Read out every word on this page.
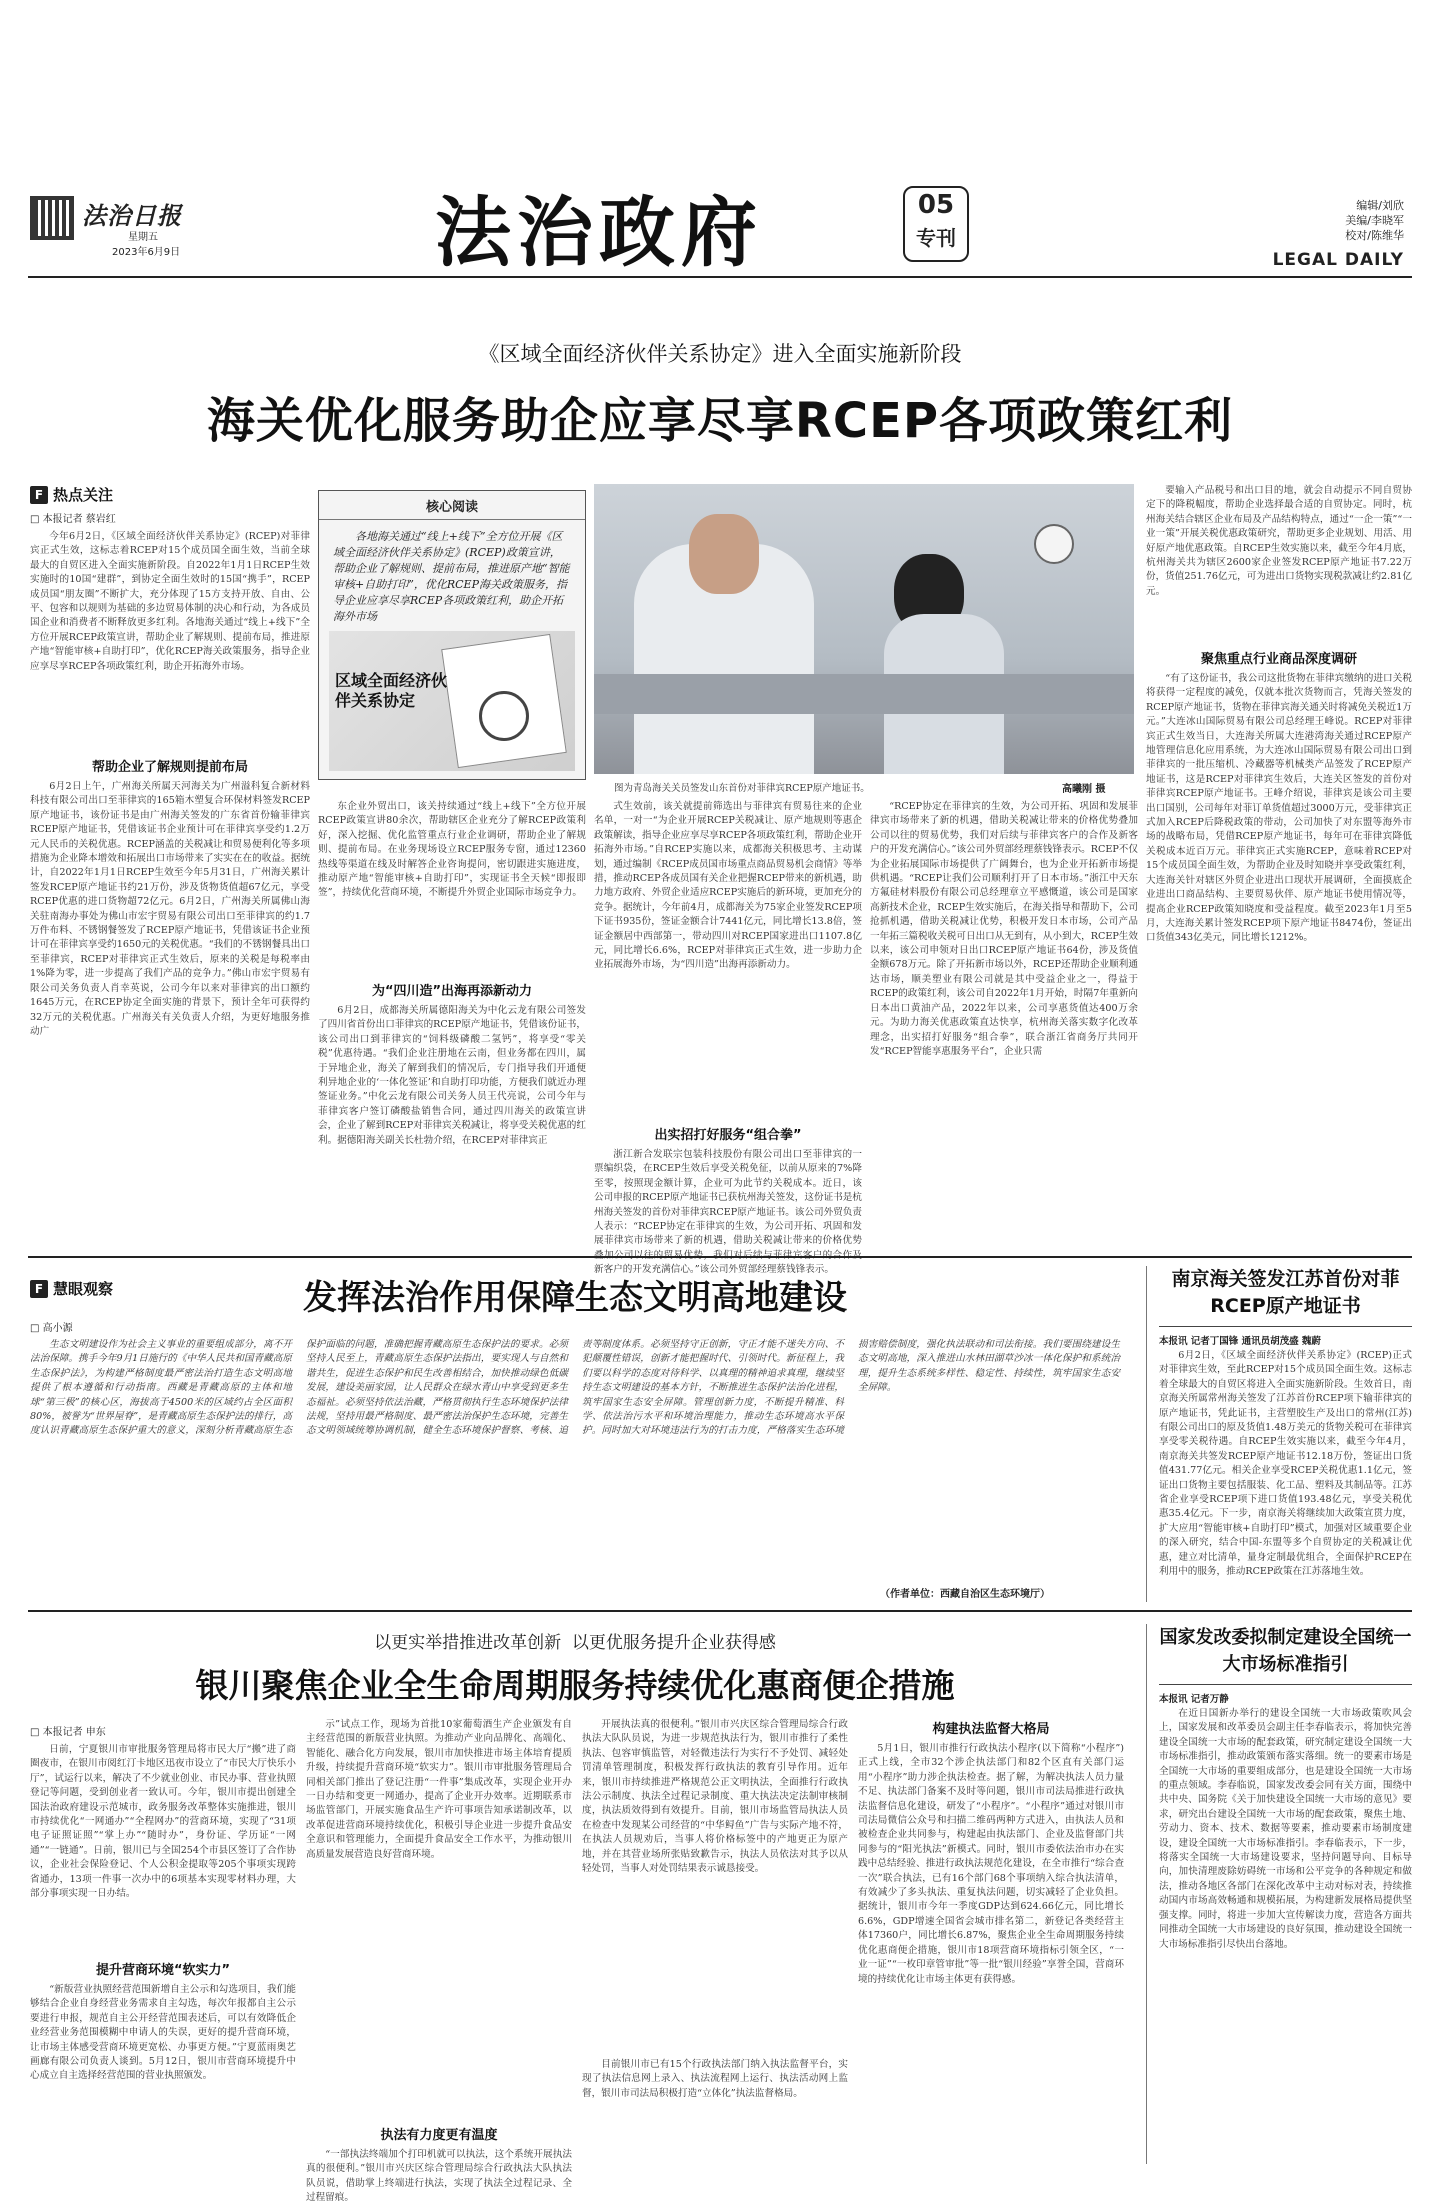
法治日报
星期五
2023年6月9日	法治政府	05
专刊
编辑/刘欣
美编/李晓军
校对/陈维华
LEGAL DAILY
《区域全面经济伙伴关系协定》进入全面实施新阶段
海关优化服务助企应享尽享RCEP各项政策红利
F 热点关注
□ 本报记者 蔡岩红

今年6月2日，《区域全面经济伙伴关系协定》(RCEP)对菲律宾正式生效，这标志着RCEP对15个成员国全面生效，当前全球最大的自贸区进入全面实施新阶段。自2022年1月1日RCEP生效实施时的10国“建群”，到协定全面生效时的15国“携手”，RCEP成员国“朋友圈”不断扩大，充分体现了15方支持开放、自由、公平、包容和以规则为基础的多边贸易体制的决心和行动，为各成员国企业和消费者不断释放更多红利。各地海关通过“线上+线下”全方位开展RCEP政策宣讲，帮助企业了解规则、提前布局，推进原产地“智能审核+自助打印”，优化RCEP海关政策服务，指导企业应享尽享RCEP各项政策红利，助企开拓海外市场。

帮助企业了解规则提前布局

6月2日上午，广州海关所属天河海关为广州溢科复合新材料科技有限公司出口至菲律宾的165箱木塑复合环保材料签发RCEP原产地证书，该份证书是由广州海关签发的广东省首份输菲律宾RCEP原产地证书，凭借该证书企业预计可在菲律宾享受约1.2万元人民币的关税优惠。RCEP涵盖的关税减让和贸易便利化等多项措施为企业降本增效和拓展出口市场带来了实实在在的收益。据统计，自2022年1月1日RCEP生效至今年5月31日，广州海关累计签发RCEP原产地证书约21万份，涉及货物货值超67亿元，享受RCEP优惠的进口货物超72亿元。6月2日，广州海关所属佛山海关驻南海办事处为佛山市宏宇贸易有限公司出口至菲律宾的约1.7万件布料、不锈钢餐签发了RCEP原产地证书，凭借该证书企业预计可在菲律宾享受约1650元的关税优惠。“我们的不锈钢餐具出口至菲律宾，RCEP对菲律宾正式生效后，原来的关税是每税率由1%降为零，进一步提高了我们产品的竞争力。”佛山市宏宇贸易有限公司关务负责人肖幸英说，公司今年以来对菲律宾的出口额约1645万元，在RCEP协定全面实施的背景下，预计全年可获得约32万元的关税优惠。广州海关有关负责人介绍，为更好地服务推动广

核心阅读
各地海关通过“线上+线下”全方位开展《区域全面经济伙伴关系协定》(RCEP)政策宣讲，帮助企业了解规则、提前布局，推进原产地“智能审核+自助打印”，优化RCEP海关政策服务，指导企业应享尽享RCEP各项政策红利，助企开拓海外市场
区域全面经济伙伴关系协定
图为青岛海关关员签发山东首份对菲律宾RCEP原产地证书。	高曦刚 摄

东企业外贸出口，该关持续通过“线上+线下”全方位开展RCEP政策宣讲80余次，帮助辖区企业充分了解RCEP政策利好，深入挖掘、优化监管重点行业企业调研，帮助企业了解规则、提前布局。在业务现场设立RCEP服务专窗，通过12360热线等渠道在线及时解答企业咨询提问，密切跟进实施进度，推动原产地“智能审核+自助打印”，实现证书全天候“即报即签”，持续优化营商环境，不断提升外贸企业国际市场竞争力。

为“四川造”出海再添新动力

6月2日，成都海关所属德阳海关为中化云龙有限公司签发了四川省首份出口菲律宾的RCEP原产地证书，凭借该份证书，该公司出口到菲律宾的“饲料级磷酸二氢钙”，将享受“零关税”优惠待遇。“我们企业注册地在云南，但业务都在四川，属于异地企业，海关了解到我们的情况后，专门指导我们开通便利异地企业的‘一体化签证’和自助打印功能，方便我们就近办理签证业务。”中化云龙有限公司关务人员王代亮说，公司今年与菲律宾客户签订磷酸盐销售合同，通过四川海关的政策宣讲会，企业了解到RCEP对菲律宾关税减让，将享受关税优惠的红利。据德阳海关副关长杜勃介绍，在RCEP对菲律宾正

式生效前，该关就提前筛选出与菲律宾有贸易往来的企业名单，一对一“为企业开展RCEP关税减让、原产地规则等惠企政策解读，指导企业应享尽享RCEP各项政策红利，帮助企业开拓海外市场。”自RCEP实施以来，成都海关积极思考、主动谋划，通过编制《RCEP成员国市场重点商品贸易机会商情》等举措，推动RCEP各成员国有关企业把握RCEP带来的新机遇，助力地方政府、外贸企业适应RCEP实施后的新环境，更加充分的竞争。据统计，今年前4月，成都海关为75家企业签发RCEP项下证书935份，签证金额合计7441亿元，同比增长13.8倍，签证金额居中西部第一，带动四川对RCEP国家进出口1107.8亿元，同比增长6.6%，RCEP对菲律宾正式生效，进一步助力企业拓展海外市场，为“四川造”出海再添新动力。

出实招打好服务“组合拳”

浙江新合发联宗包装科技股份有限公司出口至菲律宾的一票编织袋，在RCEP生效后享受关税免征，以前从原来的7%降至零，按照现金额计算，企业可为此节约关税成本。近日，该公司申报的RCEP原产地证书已获杭州海关签发，这份证书是杭州海关签发的首份对菲律宾RCEP原产地证书。该公司外贸负责人表示：“RCEP协定在菲律宾的生效，为公司开拓、巩固和发展菲律宾市场带来了新的机遇，借助关税减让带来的价格优势叠加公司以往的贸易优势，我们对后续与菲律宾客户的合作及新客户的开发充满信心。”该公司外贸部经理蔡钱锋表示。

“RCEP协定在菲律宾的生效，为公司开拓、巩固和发展菲律宾市场带来了新的机遇，借助关税减让带来的价格优势叠加公司以往的贸易优势，我们对后续与菲律宾客户的合作及新客户的开发充满信心。”该公司外贸部经理蔡钱锋表示。RCEP不仅为企业拓展国际市场提供了广阔舞台，也为企业开拓新市场提供机遇。“RCEP让我们公司顺利打开了日本市场。”浙江中天东方氟硅材料股份有限公司总经理章立平感慨道，该公司是国家高新技术企业，RCEP生效实施后，在海关指导和帮助下，公司抢抓机遇，借助关税减让优势，积极开发日本市场，公司产品一年拓三篇税收关税可日出口从无到有，从小到大，RCEP生效以来，该公司申领对日出口RCEP原产地证书64份，涉及货值金额678万元。除了开拓新市场以外，RCEP还帮助企业顺利通达市场，顺美塑业有限公司就是其中受益企业之一，得益于RCEP的政策红利，该公司自2022年1月开始，时隔7年重新向日本出口黄油产品，2022年以来，公司享惠货值达400万余元。为助力海关优惠政策直达快享，杭州海关落实数字化改革理念，出实招打好服务“组合拳”，联合浙江省商务厅共同开发“RCEP智能享惠服务平台”，企业只需

要输入产品税号和出口目的地，就会自动提示不同自贸协定下的降税幅度，帮助企业选择最合适的自贸协定。同时，杭州海关结合辖区企业布局及产品结构特点，通过“一企一策”“一业一策”开展关税优惠政策研究，帮助更多企业规划、用活、用好原产地优惠政策。自RCEP生效实施以来，截至今年4月底，杭州海关共为辖区2600家企业签发RCEP原产地证书7.22万份，货值251.76亿元，可为进出口货物实现税款减让约2.81亿元。

聚焦重点行业商品深度调研

“有了这份证书，我公司这批货物在菲律宾缴纳的进口关税将获得一定程度的减免，仅就本批次货物而言，凭海关签发的RCEP原产地证书，货物在菲律宾海关通关时将减免关税近1万元。”大连冰山国际贸易有限公司总经理王峰说。RCEP对菲律宾正式生效当日，大连海关所属大连港湾海关通过RCEP原产地管理信息化应用系统，为大连冰山国际贸易有限公司出口到菲律宾的一批压缩机、冷藏器等机械类产品签发了RCEP原产地证书，这是RCEP对菲律宾生效后，大连关区签发的首份对菲律宾RCEP原产地证书。王峰介绍说，菲律宾是该公司主要出口国别，公司每年对菲订单货值超过3000万元，受菲律宾正式加入RCEP后降税政策的带动，公司加快了对东盟等海外市场的战略布局，凭借RCEP原产地证书，每年可在菲律宾降低关税成本近百万元。菲律宾正式实施RCEP，意味着RCEP对15个成员国全面生效，为帮助企业及时知晓并享受政策红利，大连海关针对辖区外贸企业进出口现状开展调研，全面摸底企业进出口商品结构、主要贸易伙伴、原产地证书使用情况等，提高企业RCEP政策知晓度和受益程度。截至2023年1月至5月，大连海关累计签发RCEP项下原产地证书8474份，签证出口货值343亿美元，同比增长1212%。

F 慧眼观察	发挥法治作用保障生态文明高地建设
□ 高小源

生态文明建设作为社会主义事业的重要组成部分，离不开法治保障。携手今年9月1日施行的《中华人民共和国青藏高原生态保护法》，为构建严格制度最严密法治打造生态文明高地提供了根本遵循和行动指南。西藏是青藏高原的主体和地球“第三极”的核心区，海拔高于4500米的区域约占全区面积80%，被誉为“世界屋脊”，是青藏高原生态保护法的排行，高度认识青藏高原生态保护重大的意义，深刻分析青藏高原生态保护面临的问题，准确把握青藏高原生态保护法的要求。必须坚持人民至上，青藏高原生态保护法指出，要实现人与自然和谐共生，促进生态保护和民生改善相结合，加快推动绿色低碳发展，建设美丽家园，让人民群众在绿水青山中享受到更多生态福祉。必须坚持依法治藏，严格贯彻执行生态环境保护法律法规，坚持用最严格制度、最严密法治保护生态环境，完善生态文明领域统筹协调机制，健全生态环境保护督察、考核、追责等制度体系。必须坚持守正创新，守正才能不迷失方向、不犯颠覆性错误，创新才能把握时代、引领时代。新征程上，我们要以科学的态度对待科学、以真理的精神追求真理，继续坚持生态文明建设的基本方针，不断推进生态保护法治化进程，筑牢国家生态安全屏障。管理创新力度，不断提升精准、科学、依法治污水平和环境治理能力，推动生态环境高水平保护。同时加大对环境违法行为的打击力度，严格落实生态环境损害赔偿制度，强化执法联动和司法衔接。我们要围绕建设生态文明高地，深入推进山水林田湖草沙冰一体化保护和系统治理，提升生态系统多样性、稳定性、持续性，筑牢国家生态安全屏障。

（作者单位：西藏自治区生态环境厅）
南京海关签发江苏首份对菲RCEP原产地证书
本报讯 记者丁国锋 通讯员胡茂盛 魏蔚

6月2日，《区域全面经济伙伴关系协定》(RCEP)正式对菲律宾生效，至此RCEP对15个成员国全面生效。这标志着全球最大的自贸区将进入全面实施新阶段。生效首日，南京海关所属常州海关签发了江苏首份RCEP项下输菲律宾的原产地证书，凭此证书，主营塑胶生产及出口的常州(江苏)有限公司出口的原及货值1.48万美元的货物关税可在菲律宾享受零关税待遇。自RCEP生效实施以来，截至今年4月，南京海关共签发RCEP原产地证书12.18万份，签证出口货值431.77亿元。相关企业享受RCEP关税优惠1.1亿元，签证出口货物主要包括服装、化工品、塑料及其制品等。江苏省企业享受RCEP项下进口货值193.48亿元，享受关税优惠35.4亿元。下一步，南京海关将继续加大政策宣贯力度，扩大应用“智能审核+自助打印”模式，加强对区域重要企业的深入研究，结合中国-东盟等多个自贸协定的关税减让优惠，建立对比清单，量身定制最优组合，全面保护RCEP在利用中的服务，推动RCEP政策在江苏落地生效。

以更实举措推进改革创新  以更优服务提升企业获得感
银川聚焦企业全生命周期服务持续优化惠商便企措施
□ 本报记者 申东

日前，宁夏银川市审批服务管理局将市民大厅“搬”进了商圈夜市，在银川市阅红汀卡地区迅夜市设立了“市民大厅快乐小厅”，试运行以来，解决了不少就业创业、市民办事、营业执照登记等问题，受到创业者一致认可。今年，银川市提出创建全国法治政府建设示范城市，政务服务改革整体实施推进，银川市持续优化“一网通办”“全程网办”的营商环境，实现了“31项电子证照证照”“掌上办”“随时办”，身份证、学历证“一网通”“一链通”。日前，银川已与全国254个市县区签订了合作协议，企业社会保险登记、个人公积金提取等205个事项实现跨省通办，13项一件事一次办中的6项基本实现零材料办理，大部分事项实现一日办结。

提升营商环境“软实力”

“新版营业执照经营范围新增自主公示和勾选项目，我们能够结合企业自身经营业务需求自主勾选，每次年报都自主公示要进行申报，规范自主公开经营范围表述后，可以有效降低企业经营业务范围模糊中申请人的失误，更好的提升营商环境，让市场主体感受营商环境更宽松、办事更方便。”宁夏蓝雨奥艺画廊有限公司负责人谈到。5月12日，银川市营商环境提升中心成立自主选择经营范围的营业执照颁发。

示”试点工作，现场为首批10家葡萄酒生产企业颁发有自主经营范围的新版营业执照。为推动产业向品牌化、高端化、智能化、融合化方向发展，银川市加快推进市场主体培育提质升级，持续提升营商环境“软实力”。银川市审批服务管理局合同相关部门推出了登记注册“一件事”集成改革，实现企业开办一日办结和变更一网通办，提高了企业开办效率。近期联系市场监管部门，开展实施食品生产许可事项告知承诺制改革，以改革促进营商环境持续优化，积极引导企业进一步提升食品安全意识和管理能力，全面提升食品安全工作水平，为推动银川高质量发展营造良好营商环境。

执法有力度更有温度

“一部执法终端加个打印机就可以执法，这个系统开展执法真的很便利。”银川市兴庆区综合管理局综合行政执法大队执法队员说，借助掌上终端进行执法，实现了执法全过程记录、全过程留痕。

开展执法真的很便利。”银川市兴庆区综合管理局综合行政执法大队队员说，为进一步规范执法行为，银川市推行了柔性执法、包容审慎监管，对轻微违法行为实行不予处罚、减轻处罚清单管理制度，积极发挥行政执法的教育引导作用。近年来，银川市持续推进严格规范公正文明执法，全面推行行政执法公示制度、执法全过程记录制度、重大执法决定法制审核制度，执法质效得到有效提升。目前，银川市场监管局执法人员在检查中发现某公司经营的“中华鲟鱼”广告与实际产地不符，在执法人员规劝后，当事人将价格标签中的产地更正为原产地，并在其营业场所张贴致歉告示，执法人员依法对其予以从轻处罚，当事人对处罚结果表示诚恳接受。

目前银川市已有15个行政执法部门纳入执法监督平台，实现了执法信息网上录入、执法流程网上运行、执法活动网上监督，银川市司法局积极打造“立体化”执法监督格局。

构建执法监督大格局

5月1日，银川市推行行政执法小程序(以下简称“小程序”)正式上线，全市32个涉企执法部门和82个区直有关部门运用“小程序”助力涉企执法检查。据了解，为解决执法人员力量不足、执法部门备案不及时等问题，银川市司法局推进行政执法监督信息化建设，研发了“小程序”。“小程序”通过对银川市司法局微信公众号和扫描二维码两种方式进入，由执法人员和被检查企业共同参与，构建起由执法部门、企业及监督部门共同参与的“阳光执法”新模式。同时，银川市委依法治市办在实践中总结经验、推进行政执法规范化建设，在全市推行“综合查一次”联合执法，已有16个部门68个事项纳入综合执法清单，有效减少了多头执法、重复执法问题，切实减轻了企业负担。据统计，银川市今年一季度GDP达到624.66亿元，同比增长6.6%，GDP增速全国省会城市排名第二，新登记各类经营主体17360户，同比增长6.87%，聚焦企业全生命周期服务持续优化惠商便企措施，银川市18项营商环境指标引领全区，“一业一证”“一枚印章管审批”等一批“银川经验”享誉全国，营商环境的持续优化让市场主体更有获得感。

国家发改委拟制定建设全国统一大市场标准指引
本报讯 记者万静

在近日国新办举行的建设全国统一大市场政策吹风会上，国家发展和改革委员会副主任李春临表示，将加快完善建设全国统一大市场的配套政策，研究制定建设全国统一大市场标准指引，推动政策颁布落实落细。统一的要素市场是全国统一大市场的重要组成部分，也是建设全国统一大市场的重点领域。李春临说，国家发改委会同有关方面，围绕中共中央、国务院《关于加快建设全国统一大市场的意见》要求，研究出台建设全国统一大市场的配套政策，聚焦土地、劳动力、资本、技术、数据等要素，推动要素市场制度建设，建设全国统一大市场标准指引。李春临表示，下一步，将落实全国统一大市场建设要求，坚持问题导向、目标导向，加快清理废除妨碍统一市场和公平竞争的各种规定和做法，推动各地区各部门在深化改革中主动对标对表，持续推动国内市场高效畅通和规模拓展，为构建新发展格局提供坚强支撑。同时，将进一步加大宣传解读力度，营造各方面共同推动全国统一大市场建设的良好氛围，推动建设全国统一大市场标准指引尽快出台落地。
